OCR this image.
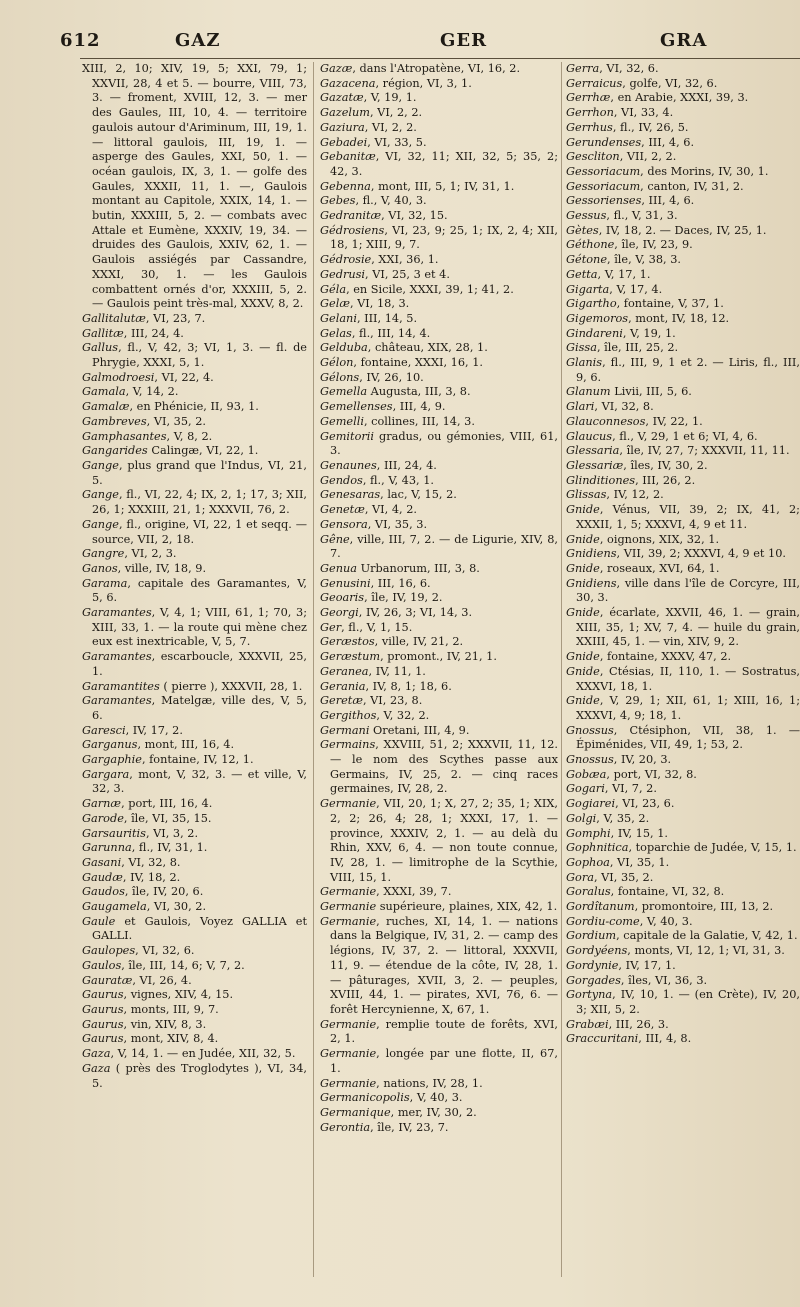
612	GAZ	GER	GRA

XIII, 2, 10; XIV, 19, 5; XXI, 79, 1; XXVII, 28, 4 et 5. — bourre, VIII, 73, 3. — froment, XVIII, 12, 3. — mer des Gaules, III, 10, 4. — territoire gaulois autour d'Ariminum, III, 19, 1. — littoral gaulois, III, 19, 1. — asperge des Gaules, XXI, 50, 1. — océan gaulois, IX, 3, 1. — golfe des Gaules, XXXII, 11, 1. —, Gaulois montant au Capitole, XXIX, 14, 1. — butin, XXXIII, 5, 2. — combats avec Attale et Eumène, XXXIV, 19, 34. — druides des Gaulois, XXIV, 62, 1. — Gaulois assiégés par Cassandre, XXXI, 30, 1. — les Gaulois combattent ornés d'or, XXXIII, 5, 2. — Gaulois peint très-mal, XXXV, 8, 2.

Gallitalutæ, VI, 23, 7.

Gallitæ, III, 24, 4.

Gallus, fl., V, 42, 3; VI, 1, 3. — fl. de Phrygie, XXXI, 5, 1.

Galmodroesi, VI, 22, 4.

Gamala, V, 14, 2.

Gamalæ, en Phénicie, II, 93, 1.

Gambreves, VI, 35, 2.

Gamphasantes, V, 8, 2.

Gangarides Calingæ, VI, 22, 1.

Gange, plus grand que l'Indus, VI, 21, 5.

Gange, fl., VI, 22, 4; IX, 2, 1; 17, 3; XII, 26, 1; XXXIII, 21, 1; XXXVII, 76, 2.

Gange, fl., origine, VI, 22, 1 et seqq. — source, VII, 2, 18.

Gangre, VI, 2, 3.

Ganos, ville, IV, 18, 9.

Garama, capitale des Garamantes, V, 5, 6.

Garamantes, V, 4, 1; VIII, 61, 1; 70, 3; XIII, 33, 1. — la route qui mène chez eux est inextricable, V, 5, 7.

Garamantes, escarboucle, XXXVII, 25, 1.

Garamantites ( pierre ), XXXVII, 28, 1.

Garamantes, Matelgæ, ville des, V, 5, 6.

Garesci, IV, 17, 2.

Garganus, mont, III, 16, 4.

Gargaphie, fontaine, IV, 12, 1.

Gargara, mont, V, 32, 3. — et ville, V, 32, 3.

Garnæ, port, III, 16, 4.

Garode, île, VI, 35, 15.

Garsauritis, VI, 3, 2.

Garunna, fl., IV, 31, 1.

Gasani, VI, 32, 8.

Gaudæ, IV, 18, 2.

Gaudos, île, IV, 20, 6.

Gaugamela, VI, 30, 2.

Gaule et Gaulois, Voyez GALLIA et GALLI.

Gaulopes, VI, 32, 6.

Gaulos, île, III, 14, 6; V, 7, 2.

Gauratæ, VI, 26, 4.

Gaurus, vignes, XIV, 4, 15.

Gaurus, monts, III, 9, 7.

Gaurus, vin, XIV, 8, 3.

Gaurus, mont, XIV, 8, 4.

Gaza, V, 14, 1. — en Judée, XII, 32, 5.

Gaza ( près des Troglodytes ), VI, 34, 5.

Gazæ, dans l'Atropatène, VI, 16, 2.

Gazacena, région, VI, 3, 1.

Gazatæ, V, 19, 1.

Gazelum, VI, 2, 2.

Gaziura, VI, 2, 2.

Gebadei, VI, 33, 5.

Gebanitæ, VI, 32, 11; XII, 32, 5; 35, 2; 42, 3.

Gebenna, mont, III, 5, 1; IV, 31, 1.

Gebes, fl., V, 40, 3.

Gedranitæ, VI, 32, 15.

Gédrosiens, VI, 23, 9; 25, 1; IX, 2, 4; XII, 18, 1; XIII, 9, 7.

Gédrosie, XXI, 36, 1.

Gedrusi, VI, 25, 3 et 4.

Géla, en Sicile, XXXI, 39, 1; 41, 2.

Gelæ, VI, 18, 3.

Gelani, III, 14, 5.

Gelas, fl., III, 14, 4.

Gelduba, château, XIX, 28, 1.

Gélon, fontaine, XXXI, 16, 1.

Gélons, IV, 26, 10.

Gemella Augusta, III, 3, 8.

Gemellenses, III, 4, 9.

Gemelli, collines, III, 14, 3.

Gemitorii gradus, ou gémonies, VIII, 61, 3.

Genaunes, III, 24, 4.

Gendos, fl., V, 43, 1.

Genesaras, lac, V, 15, 2.

Genetæ, VI, 4, 2.

Gensora, VI, 35, 3.

Gêne, ville, III, 7, 2. — de Ligurie, XIV, 8, 7.

Genua Urbanorum, III, 3, 8.

Genusini, III, 16, 6.

Geoaris, île, IV, 19, 2.

Georgi, IV, 26, 3; VI, 14, 3.

Ger, fl., V, 1, 15.

Geræstos, ville, IV, 21, 2.

Geræstum, promont., IV, 21, 1.

Geranea, IV, 11, 1.

Gerania, IV, 8, 1; 18, 6.

Geretæ, VI, 23, 8.

Gergithos, V, 32, 2.

Germani Oretani, III, 4, 9.

Germains, XXVIII, 51, 2; XXXVII, 11, 12. — le nom des Scythes passe aux Germains, IV, 25, 2. — cinq races germaines, IV, 28, 2.

Germanie, VII, 20, 1; X, 27, 2; 35, 1; XIX, 2, 2; 26, 4; 28, 1; XXXI, 17, 1. — province, XXXIV, 2, 1. — au delà du Rhin, XXV, 6, 4. — non toute connue, IV, 28, 1. — limitrophe de la Scythie, VIII, 15, 1.

Germanie, XXXI, 39, 7.

Germanie supérieure, plaines, XIX, 42, 1.

Germanie, ruches, XI, 14, 1. — nations dans la Belgique, IV, 31, 2. — camp des légions, IV, 37, 2. — littoral, XXXVII, 11, 9. — étendue de la côte, IV, 28, 1. — pâturages, XVII, 3, 2. — peuples, XVIII, 44, 1. — pirates, XVI, 76, 6. — forêt Hercynienne, X, 67, 1.

Germanie, remplie toute de forêts, XVI, 2, 1.

Germanie, longée par une flotte, II, 67, 1.

Germanie, nations, IV, 28, 1.

Germanicopolis, V, 40, 3.

Germanique, mer, IV, 30, 2.

Gerontia, île, IV, 23, 7.

Gerra, VI, 32, 6.

Gerraicus, golfe, VI, 32, 6.

Gerrhæ, en Arabie, XXXI, 39, 3.

Gerrhon, VI, 33, 4.

Gerrhus, fl., IV, 26, 5.

Gerundenses, III, 4, 6.

Gescliton, VII, 2, 2.

Gessoriacum, des Morins, IV, 30, 1.

Gessoriacum, canton, IV, 31, 2.

Gessorienses, III, 4, 6.

Gessus, fl., V, 31, 3.

Gètes, IV, 18, 2. — Daces, IV, 25, 1.

Géthone, île, IV, 23, 9.

Gétone, île, V, 38, 3.

Getta, V, 17, 1.

Gigarta, V, 17, 4.

Gigartho, fontaine, V, 37, 1.

Gigemoros, mont, IV, 18, 12.

Gindareni, V, 19, 1.

Gissa, île, III, 25, 2.

Glanis, fl., III, 9, 1 et 2. — Liris, fl., III, 9, 6.

Glanum Livii, III, 5, 6.

Glari, VI, 32, 8.

Glauconnesos, IV, 22, 1.

Glaucus, fl., V, 29, 1 et 6; VI, 4, 6.

Glessaria, île, IV, 27, 7; XXXVII, 11, 11.

Glessariæ, îles, IV, 30, 2.

Glinditiones, III, 26, 2.

Glissas, IV, 12, 2.

Gnide, Vénus, VII, 39, 2; IX, 41, 2; XXXII, 1, 5; XXXVI, 4, 9 et 11.

Gnide, oignons, XIX, 32, 1.

Gnidiens, VII, 39, 2; XXXVI, 4, 9 et 10.

Gnide, roseaux, XVI, 64, 1.

Gnidiens, ville dans l'île de Corcyre, III, 30, 3.

Gnide, écarlate, XXVII, 46, 1. — grain, XIII, 35, 1; XV, 7, 4. — huile du grain, XXIII, 45, 1. — vin, XIV, 9, 2.

Gnide, fontaine, XXXV, 47, 2.

Gnide, Ctésias, II, 110, 1. — Sostratus, XXXVI, 18, 1.

Gnide, V, 29, 1; XII, 61, 1; XIII, 16, 1; XXXVI, 4, 9; 18, 1.

Gnossus, Ctésiphon, VII, 38, 1. — Épiménides, VII, 49, 1; 53, 2.

Gnossus, IV, 20, 3.

Gobæa, port, VI, 32, 8.

Gogari, VI, 7, 2.

Gogiarei, VI, 23, 6.

Golgi, V, 35, 2.

Gomphi, IV, 15, 1.

Gophnitica, toparchie de Judée, V, 15, 1.

Gophoa, VI, 35, 1.

Gora, VI, 35, 2.

Goralus, fontaine, VI, 32, 8.

Gordîtanum, promontoire, III, 13, 2.

Gordiu-come, V, 40, 3.

Gordium, capitale de la Galatie, V, 42, 1.

Gordyéens, monts, VI, 12, 1; VI, 31, 3.

Gordynie, IV, 17, 1.

Gorgades, îles, VI, 36, 3.

Gortyna, IV, 10, 1. — (en Crète), IV, 20, 3; XII, 5, 2.

Grabæi, III, 26, 3.

Graccuritani, III, 4, 8.
